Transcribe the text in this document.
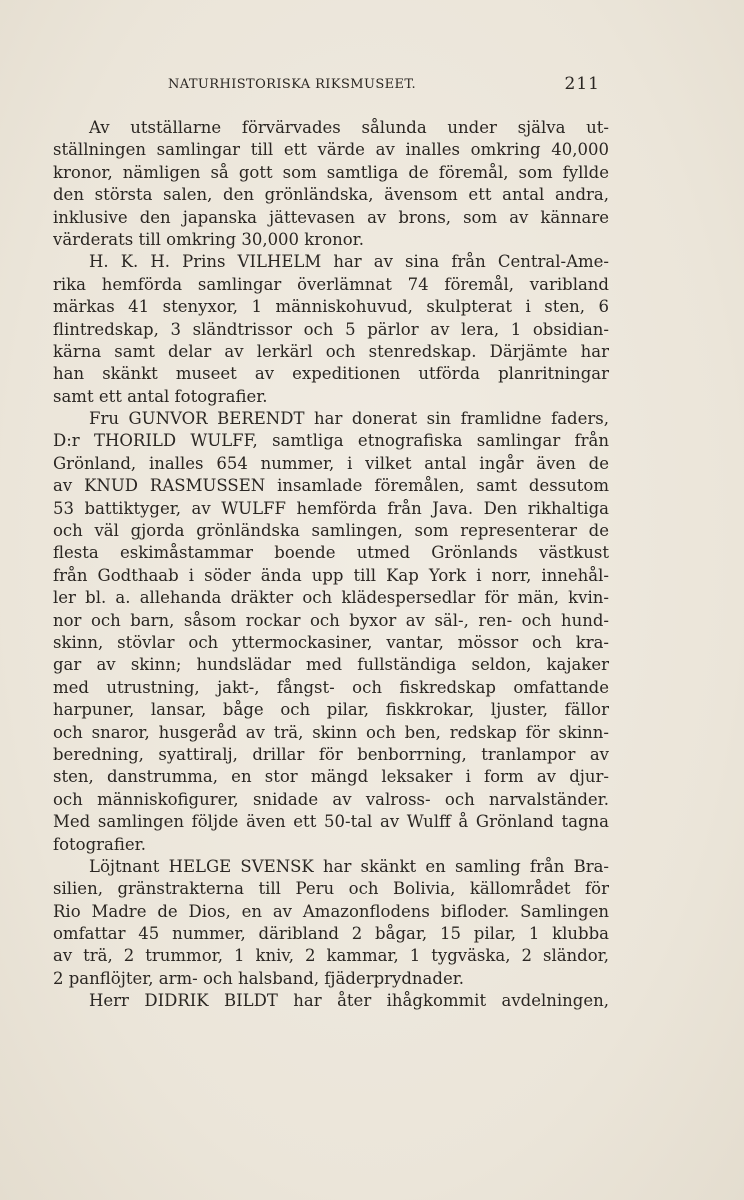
NATURHISTORISKA RIKSMUSEET.	211
Av utställarne förvärvades sålunda under själva ut-
ställningen samlingar till ett värde av inalles omkring 40,000
kronor, nämligen så gott som samtliga de föremål, som fyllde
den största salen, den grönländska, ävensom ett antal andra,
inklusive den japanska jättevasen av brons, som av kännare
värderats till omkring 30,000 kronor.
H. K. H. Prins VILHELM har av sina från Central-Ame-
rika hemförda samlingar överlämnat 74 föremål, varibland
märkas 41 stenyxor, 1 människohuvud, skulpterat i sten, 6
flintredskap, 3 sländtrissor och 5 pärlor av lera, 1 obsidian-
kärna samt delar av lerkärl och stenredskap. Därjämte har
han skänkt museet av expeditionen utförda planritningar
samt ett antal fotografier.
Fru GUNVOR BERENDT har donerat sin framlidne faders,
D:r THORILD WULFF, samtliga etnografiska samlingar från
Grönland, inalles 654 nummer, i vilket antal ingår även de
av KNUD RASMUSSEN insamlade föremålen, samt dessutom
53 battiktyger, av WULFF hemförda från Java. Den rikhaltiga
och väl gjorda grönländska samlingen, som representerar de
flesta eskimåstammar boende utmed Grönlands västkust
från Godthaab i söder ända upp till Kap York i norr, innehål-
ler bl. a. allehanda dräkter och klädespersedlar för män, kvin-
nor och barn, såsom rockar och byxor av säl-, ren- och hund-
skinn, stövlar och yttermockasiner, vantar, mössor och kra-
gar av skinn; hundslädar med fullständiga seldon, kajaker
med utrustning, jakt-, fångst- och fiskredskap omfattande
harpuner, lansar, båge och pilar, fiskkrokar, ljuster, fällor
och snaror, husgeråd av trä, skinn och ben, redskap för skinn-
beredning, syattiralj, drillar för benborrning, tranlampor av
sten, danstrumma, en stor mängd leksaker i form av djur-
och människofigurer, snidade av valross- och narvalständer.
Med samlingen följde även ett 50-tal av Wulff å Grönland tagna
fotografier.
Löjtnant HELGE SVENSK har skänkt en samling från Bra-
silien, gränstrakterna till Peru och Bolivia, källområdet för
Rio Madre de Dios, en av Amazonflodens bifloder. Samlingen
omfattar 45 nummer, däribland 2 bågar, 15 pilar, 1 klubba
av trä, 2 trummor, 1 kniv, 2 kammar, 1 tygväska, 2 sländor,
2 panflöjter, arm- och halsband, fjäderprydnader.
Herr DIDRIK BILDT har åter ihågkommit avdelningen,
